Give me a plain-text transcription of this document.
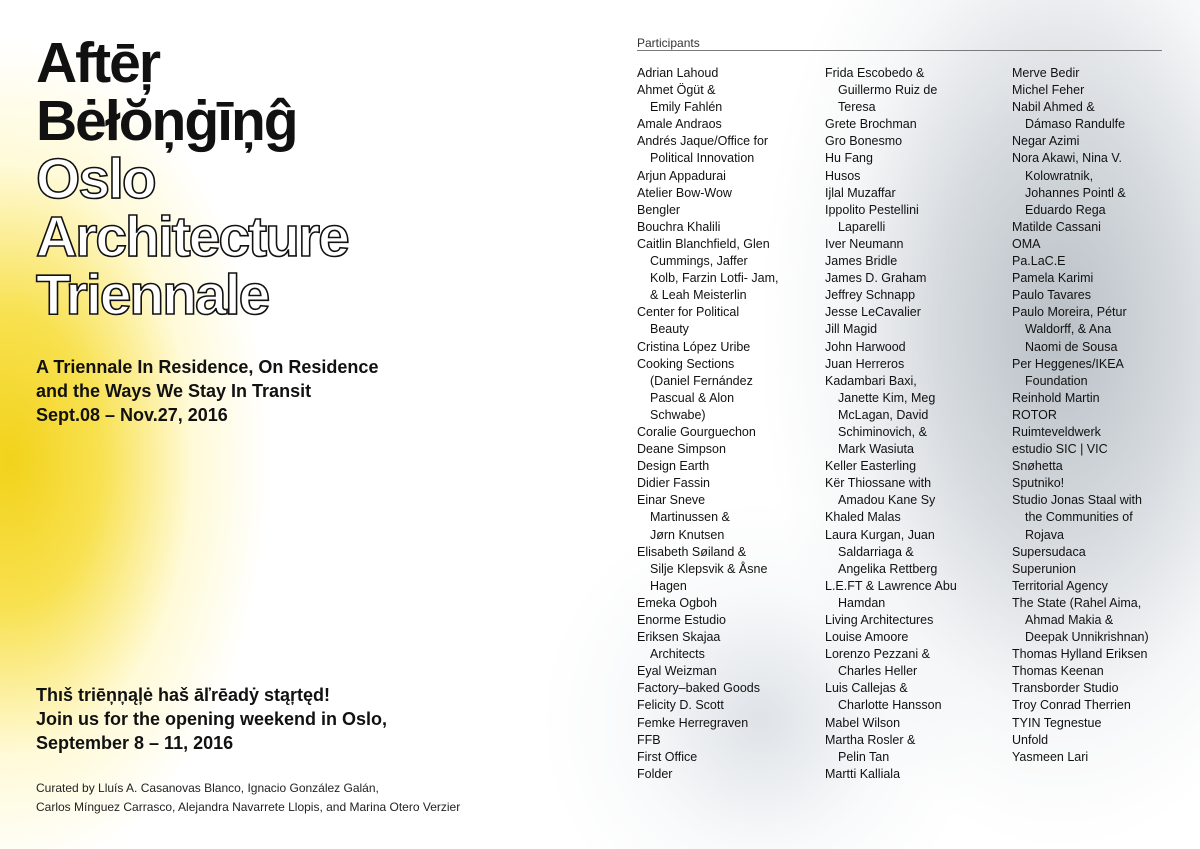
Aftēŗ
Bėłŏņġīņĝ
Oslo
Architecture
Triennale
A Triennale In Residence, On Residence
and the Ways We Stay In Transit
Sept.08 – Nov.27, 2016
Thıš triēņņąļė haš āľrēadẏ stąŗtęd!
Join us for the opening weekend in Oslo,
September 8 – 11, 2016
Curated by Lluís A. Casanovas Blanco, Ignacio González Galán,
Carlos Mínguez Carrasco, Alejandra Navarrete Llopis, and Marina Otero Verzier
Participants
Adrian Lahoud
Ahmet Ögüt &
Emily Fahlén
Amale Andraos
Andrés Jaque/Office for
Political Innovation
Arjun Appadurai
Atelier Bow-Wow
Bengler
Bouchra Khalili
Caitlin Blanchfield, Glen
Cummings, Jaffer
Kolb, Farzin Lotfi- Jam,
& Leah Meisterlin
Center for Political
Beauty
Cristina López Uribe
Cooking Sections
(Daniel Fernández
Pascual & Alon
Schwabe)
Coralie Gourguechon
Deane Simpson
Design Earth
Didier Fassin
Einar Sneve
Martinussen &
Jørn Knutsen
Elisabeth Søiland &
Silje Klepsvik & Åsne
Hagen
Emeka Ogboh
Enorme Estudio
Eriksen Skajaa
Architects
Eyal Weizman
Factory–baked Goods
Felicity D. Scott
Femke Herregraven
FFB
First Office
Folder
Frida Escobedo &
Guillermo Ruiz de
Teresa
Grete Brochman
Gro Bonesmo
Hu Fang
Husos
Ijlal Muzaffar
Ippolito Pestellini
Laparelli
Iver Neumann
James Bridle
James D. Graham
Jeffrey Schnapp
Jesse LeCavalier
Jill Magid
John Harwood
Juan Herreros
Kadambari Baxi,
Janette Kim, Meg
McLagan, David
Schiminovich, &
Mark Wasiuta
Keller Easterling
Kër Thiossane with
Amadou Kane Sy
Khaled Malas
Laura Kurgan, Juan
Saldarriaga &
Angelika Rettberg
L.E.FT & Lawrence Abu
Hamdan
Living Architectures
Louise Amoore
Lorenzo Pezzani &
Charles Heller
Luis Callejas &
Charlotte Hansson
Mabel Wilson
Martha Rosler &
Pelin Tan
Martti Kalliala
Merve Bedir
Michel Feher
Nabil Ahmed &
Dámaso Randulfe
Negar Azimi
Nora Akawi, Nina V.
Kolowratnik,
Johannes Pointl &
Eduardo Rega
Matilde Cassani
OMA
Pa.LaC.E
Pamela Karimi
Paulo Tavares
Paulo Moreira, Pétur
Waldorff, & Ana
Naomi de Sousa
Per Heggenes/IKEA
Foundation
Reinhold Martin
ROTOR
Ruimteveldwerk
estudio SIC | VIC
Snøhetta
Sputniko!
Studio Jonas Staal with
the Communities of
Rojava
Supersudaca
Superunion
Territorial Agency
The State (Rahel Aima,
Ahmad Makia &
Deepak Unnikrishnan)
Thomas Hylland Eriksen
Thomas Keenan
Transborder Studio
Troy Conrad Therrien
TYIN Tegnestue
Unfold
Yasmeen Lari
